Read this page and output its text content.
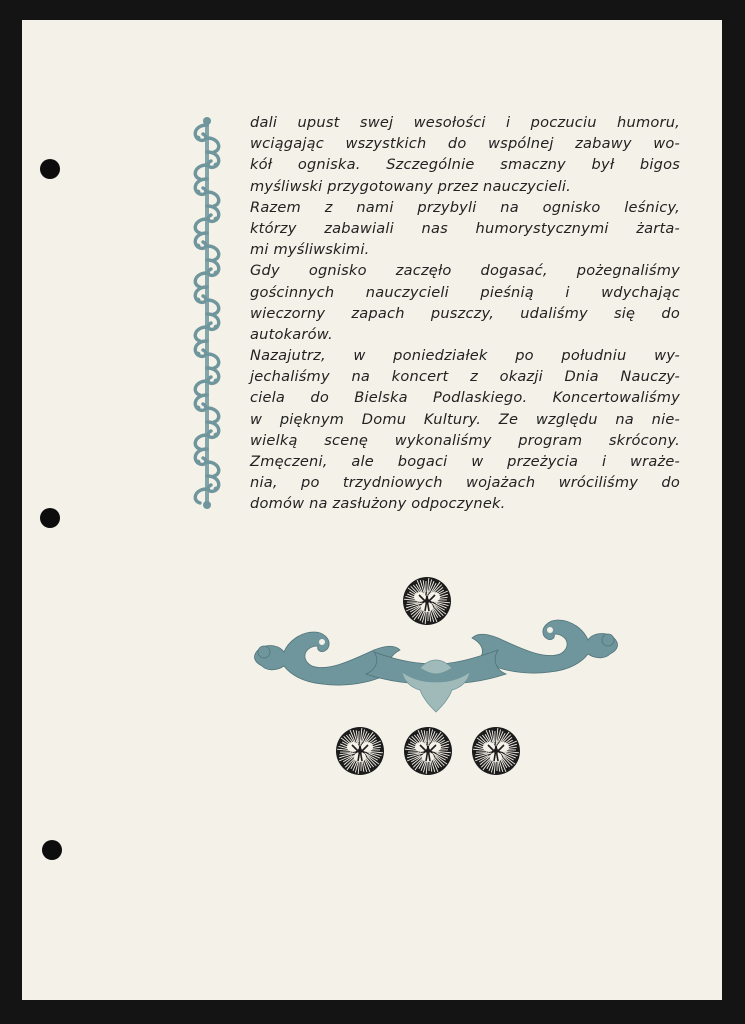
dali upust swej wesołości i poczuciu humoru,
wciągając wszystkich do wspólnej zabawy wo-
kół ogniska. Szczególnie smaczny był bigos
myśliwski przygotowany przez nauczycieli.
Razem z nami przybyli na ognisko leśnicy,
którzy zabawiali nas humorystycznymi żarta-
mi myśliwskimi.
Gdy ognisko zaczęło dogasać, pożegnaliśmy
gościnnych nauczycieli pieśnią i wdychając
wieczorny zapach puszczy, udaliśmy się do
autokarów.
Nazajutrz, w poniedziałek po południu wy-
jechaliśmy na koncert z okazji Dnia Nauczy-
ciela do Bielska Podlaskiego. Koncertowaliśmy
w pięknym Domu Kultury. Ze względu na nie-
wielką scenę wykonaliśmy program skrócony.
Zmęczeni, ale bogaci w przeżycia i wraże-
nia, po trzydniowych wojażach wróciliśmy do
domów na zasłużony odpoczynek.
